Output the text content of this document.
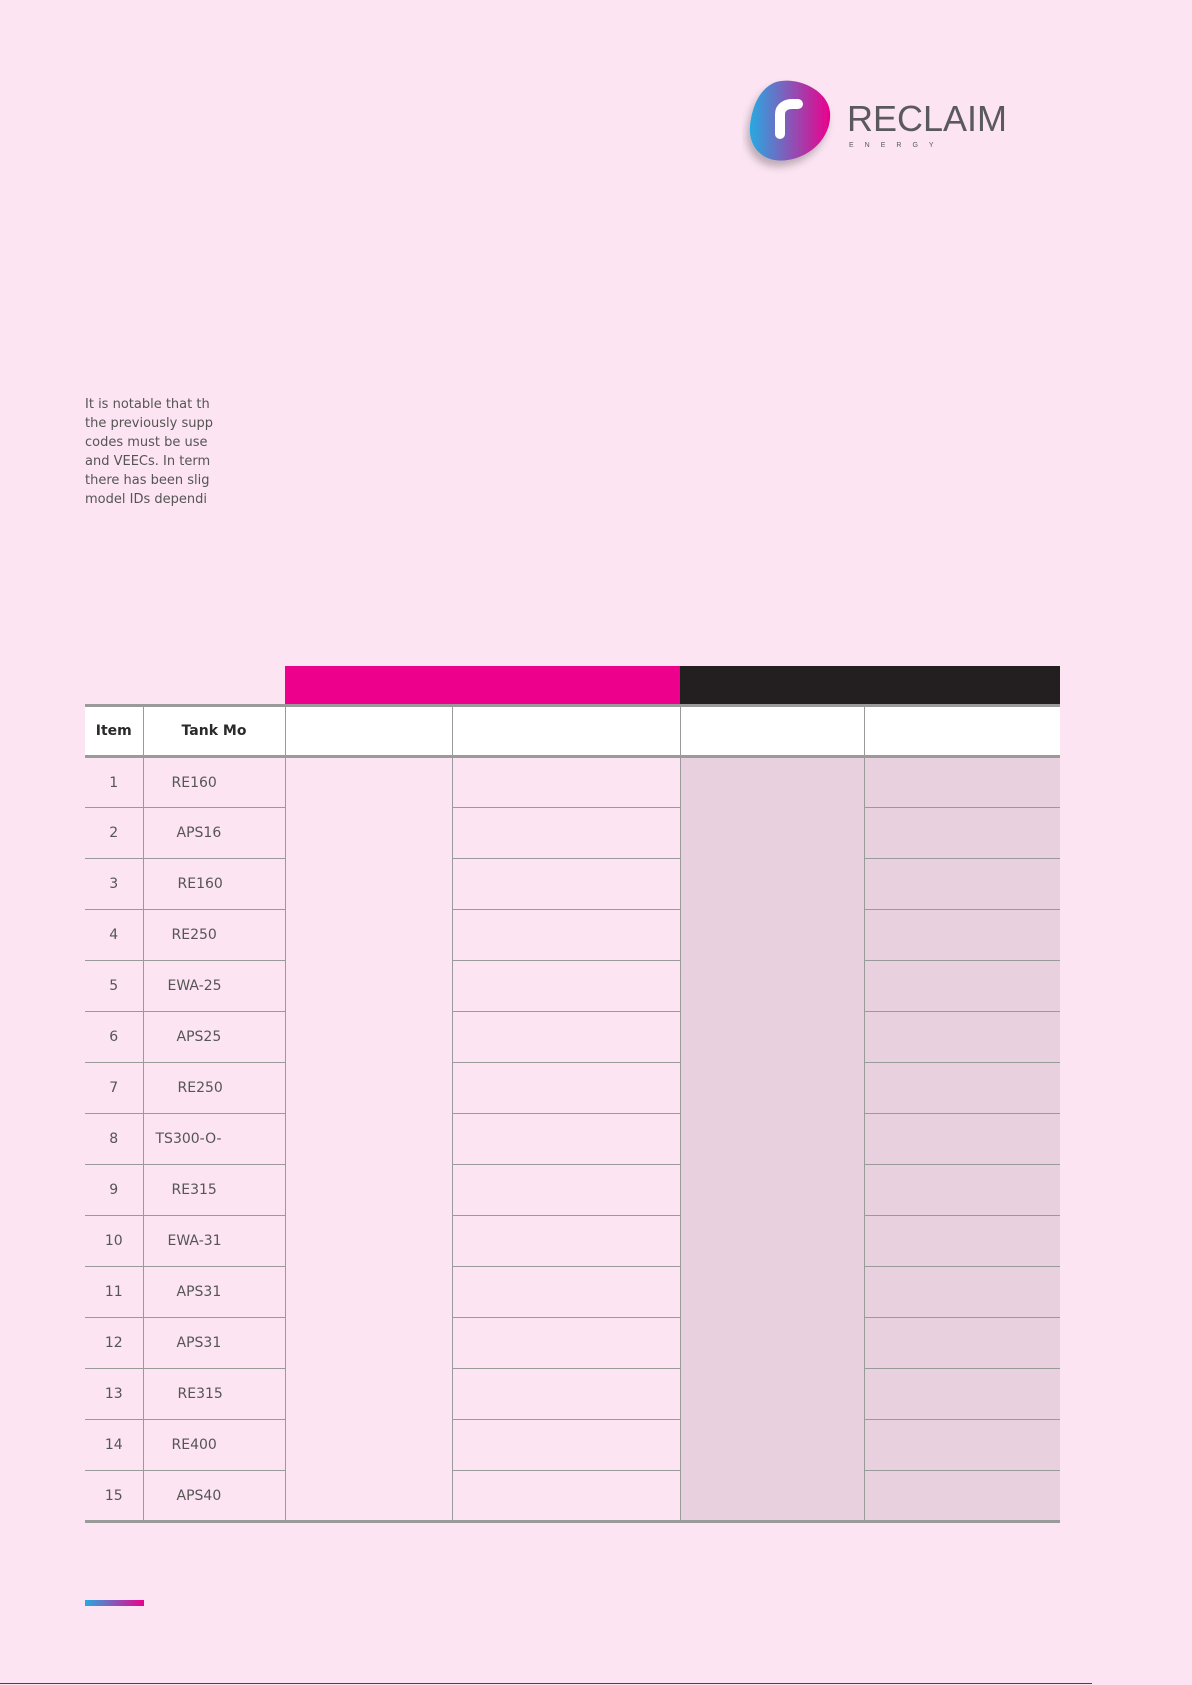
RECLAIM
ENERGY
It is notable that th
the previously supp
codes must be use
and VEECs. In term
there has been slig
model IDs dependi
Item	Tank Mo				
1	RE160				
2	APS16				
3	RE160				
4	RE250				
5	EWA-25				
6	APS25				
7	RE250				
8	TS300-O-				
9	RE315				
10	EWA-31				
11	APS31				
12	APS31				
13	RE315				
14	RE400				
15	APS40				
